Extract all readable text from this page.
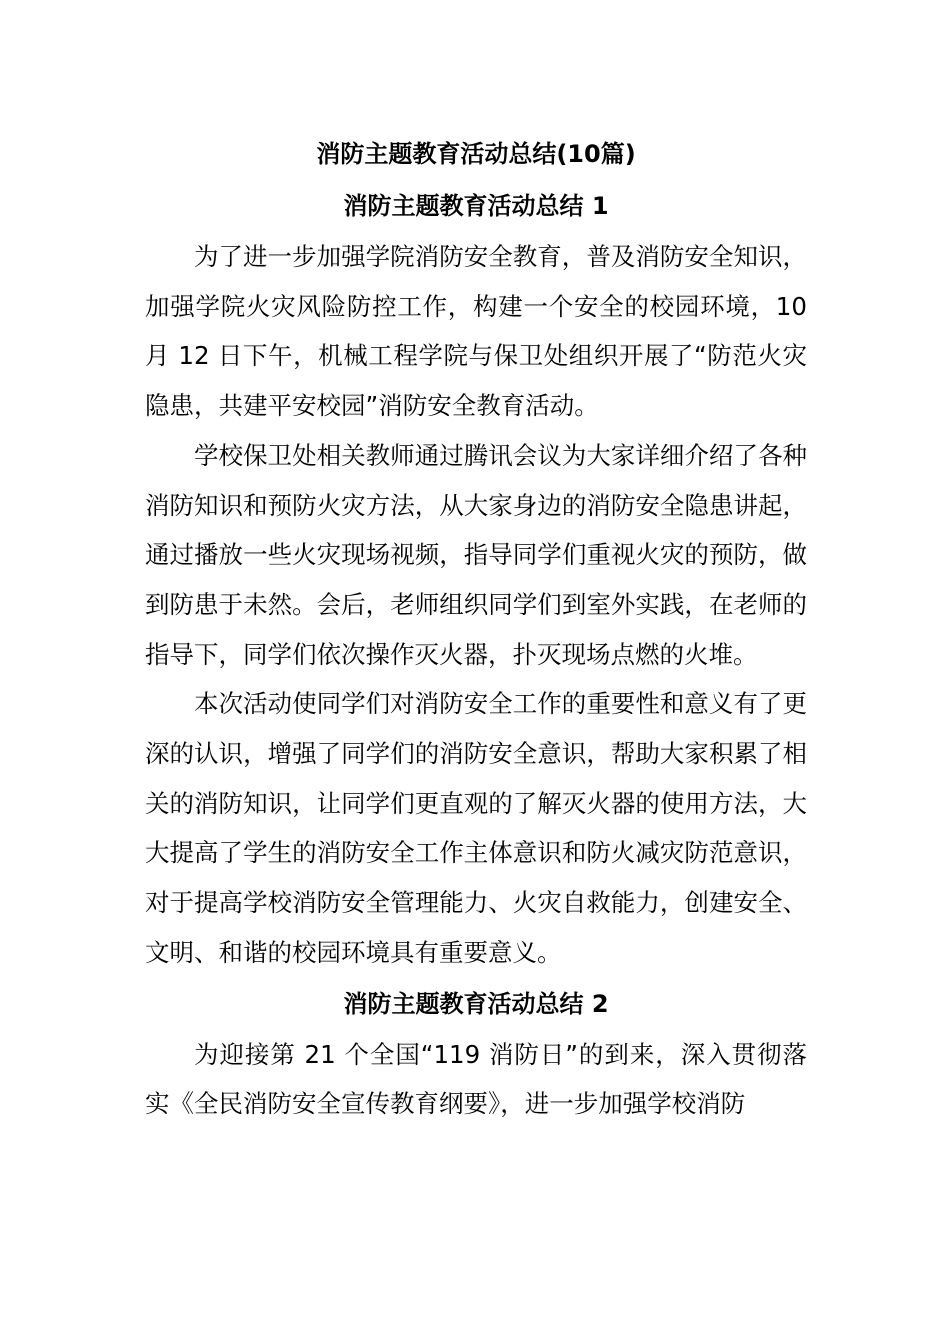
消防主题教育活动总结(10篇)
消防主题教育活动总结 1

为了进一步加强学院消防安全教育，普及消防安全知识，加强学院火灾风险防控工作，构建一个安全的校园环境，10 月 12 日下午，机械工程学院与保卫处组织开展了“防范火灾隐患，共建平安校园”消防安全教育活动。

学校保卫处相关教师通过腾讯会议为大家详细介绍了各种消防知识和预防火灾方法，从大家身边的消防安全隐患讲起，通过播放一些火灾现场视频，指导同学们重视火灾的预防，做到防患于未然。会后，老师组织同学们到室外实践，在老师的指导下，同学们依次操作灭火器，扑灭现场点燃的火堆。

本次活动使同学们对消防安全工作的重要性和意义有了更深的认识，增强了同学们的消防安全意识，帮助大家积累了相关的消防知识，让同学们更直观的了解灭火器的使用方法，大大提高了学生的消防安全工作主体意识和防火减灾防范意识，对于提高学校消防安全管理能力、火灾自救能力，创建安全、文明、和谐的校园环境具有重要意义。

消防主题教育活动总结 2

为迎接第 21 个全国“119 消防日”的到来，深入贯彻落实《全民消防安全宣传教育纲要》，进一步加强学校消防
